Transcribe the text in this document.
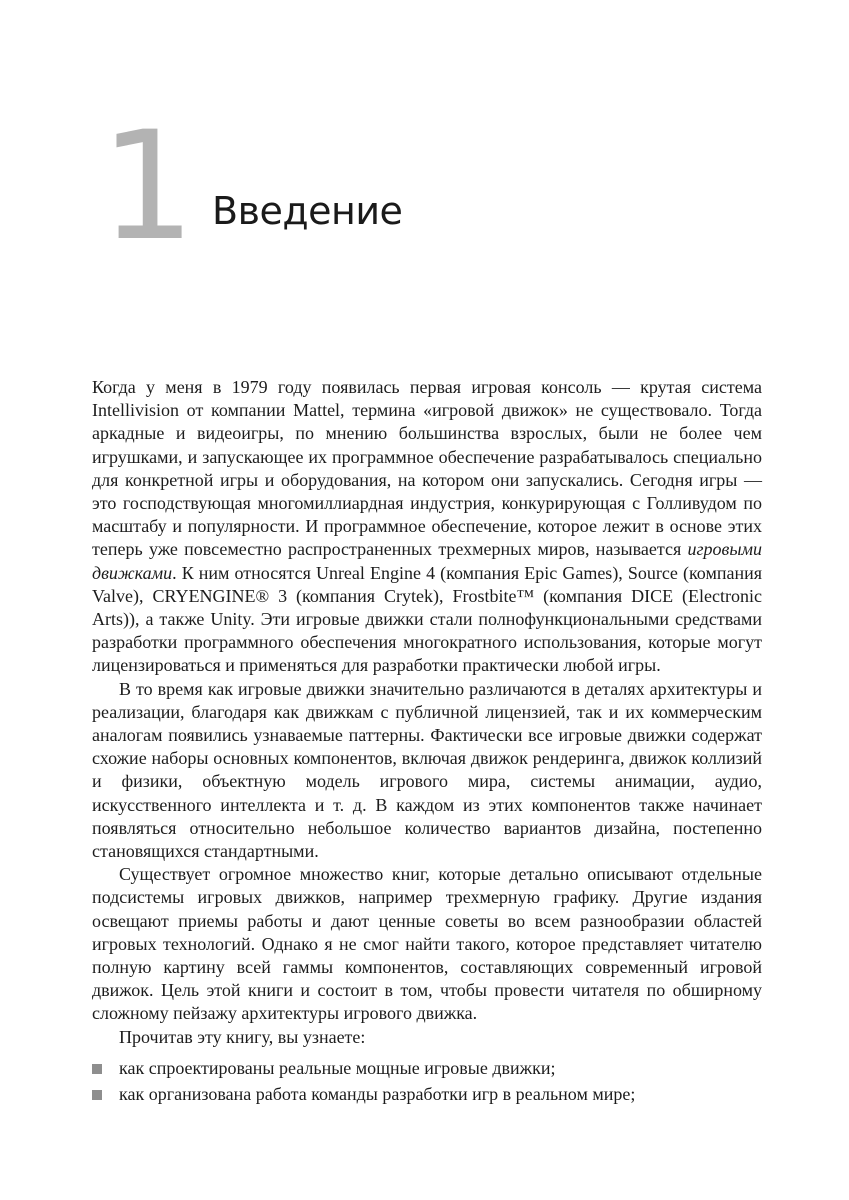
1 Введение

Когда у меня в 1979 году появилась первая игровая консоль — крутая система Intellivision от компании Mattel, термина «игровой движок» не существовало. Тогда аркадные и видеоигры, по мнению большинства взрослых, были не более чем игрушками, и запускающее их программное обеспечение разрабатывалось специально для конкретной игры и оборудования, на котором они запускались. Сегодня игры — это господствующая многомиллиардная индустрия, конкурирующая с Голливудом по масштабу и популярности. И программное обеспечение, которое лежит в основе этих теперь уже повсеместно распространенных трехмерных миров, называется игровыми движками. К ним относятся Unreal Engine 4 (компания Epic Games), Source (компания Valve), CRYENGINE® 3 (компания Crytek), Frostbite™ (компания DICE (Electronic Arts)), а также Unity. Эти игровые движки стали полнофункциональными средствами разработки программного обеспечения многократного использования, которые могут лицензироваться и применяться для разработки практически любой игры.

В то время как игровые движки значительно различаются в деталях архитектуры и реализации, благодаря как движкам с публичной лицензией, так и их коммерческим аналогам появились узнаваемые паттерны. Фактически все игровые движки содержат схожие наборы основных компонентов, включая движок рендеринга, движок коллизий и физики, объектную модель игрового мира, системы анимации, аудио, искусственного интеллекта и т. д. В каждом из этих компонентов также начинает появляться относительно небольшое количество вариантов дизайна, постепенно становящихся стандартными.

Существует огромное множество книг, которые детально описывают отдельные подсистемы игровых движков, например трехмерную графику. Другие издания освещают приемы работы и дают ценные советы во всем разнообразии областей игровых технологий. Однако я не смог найти такого, которое представляет читателю полную картину всей гаммы компонентов, составляющих современный игровой движок. Цель этой книги и состоит в том, чтобы провести читателя по обширному сложному пейзажу архитектуры игрового движка.

Прочитав эту книгу, вы узнаете:

как спроектированы реальные мощные игровые движки;
как организована работа команды разработки игр в реальном мире;
